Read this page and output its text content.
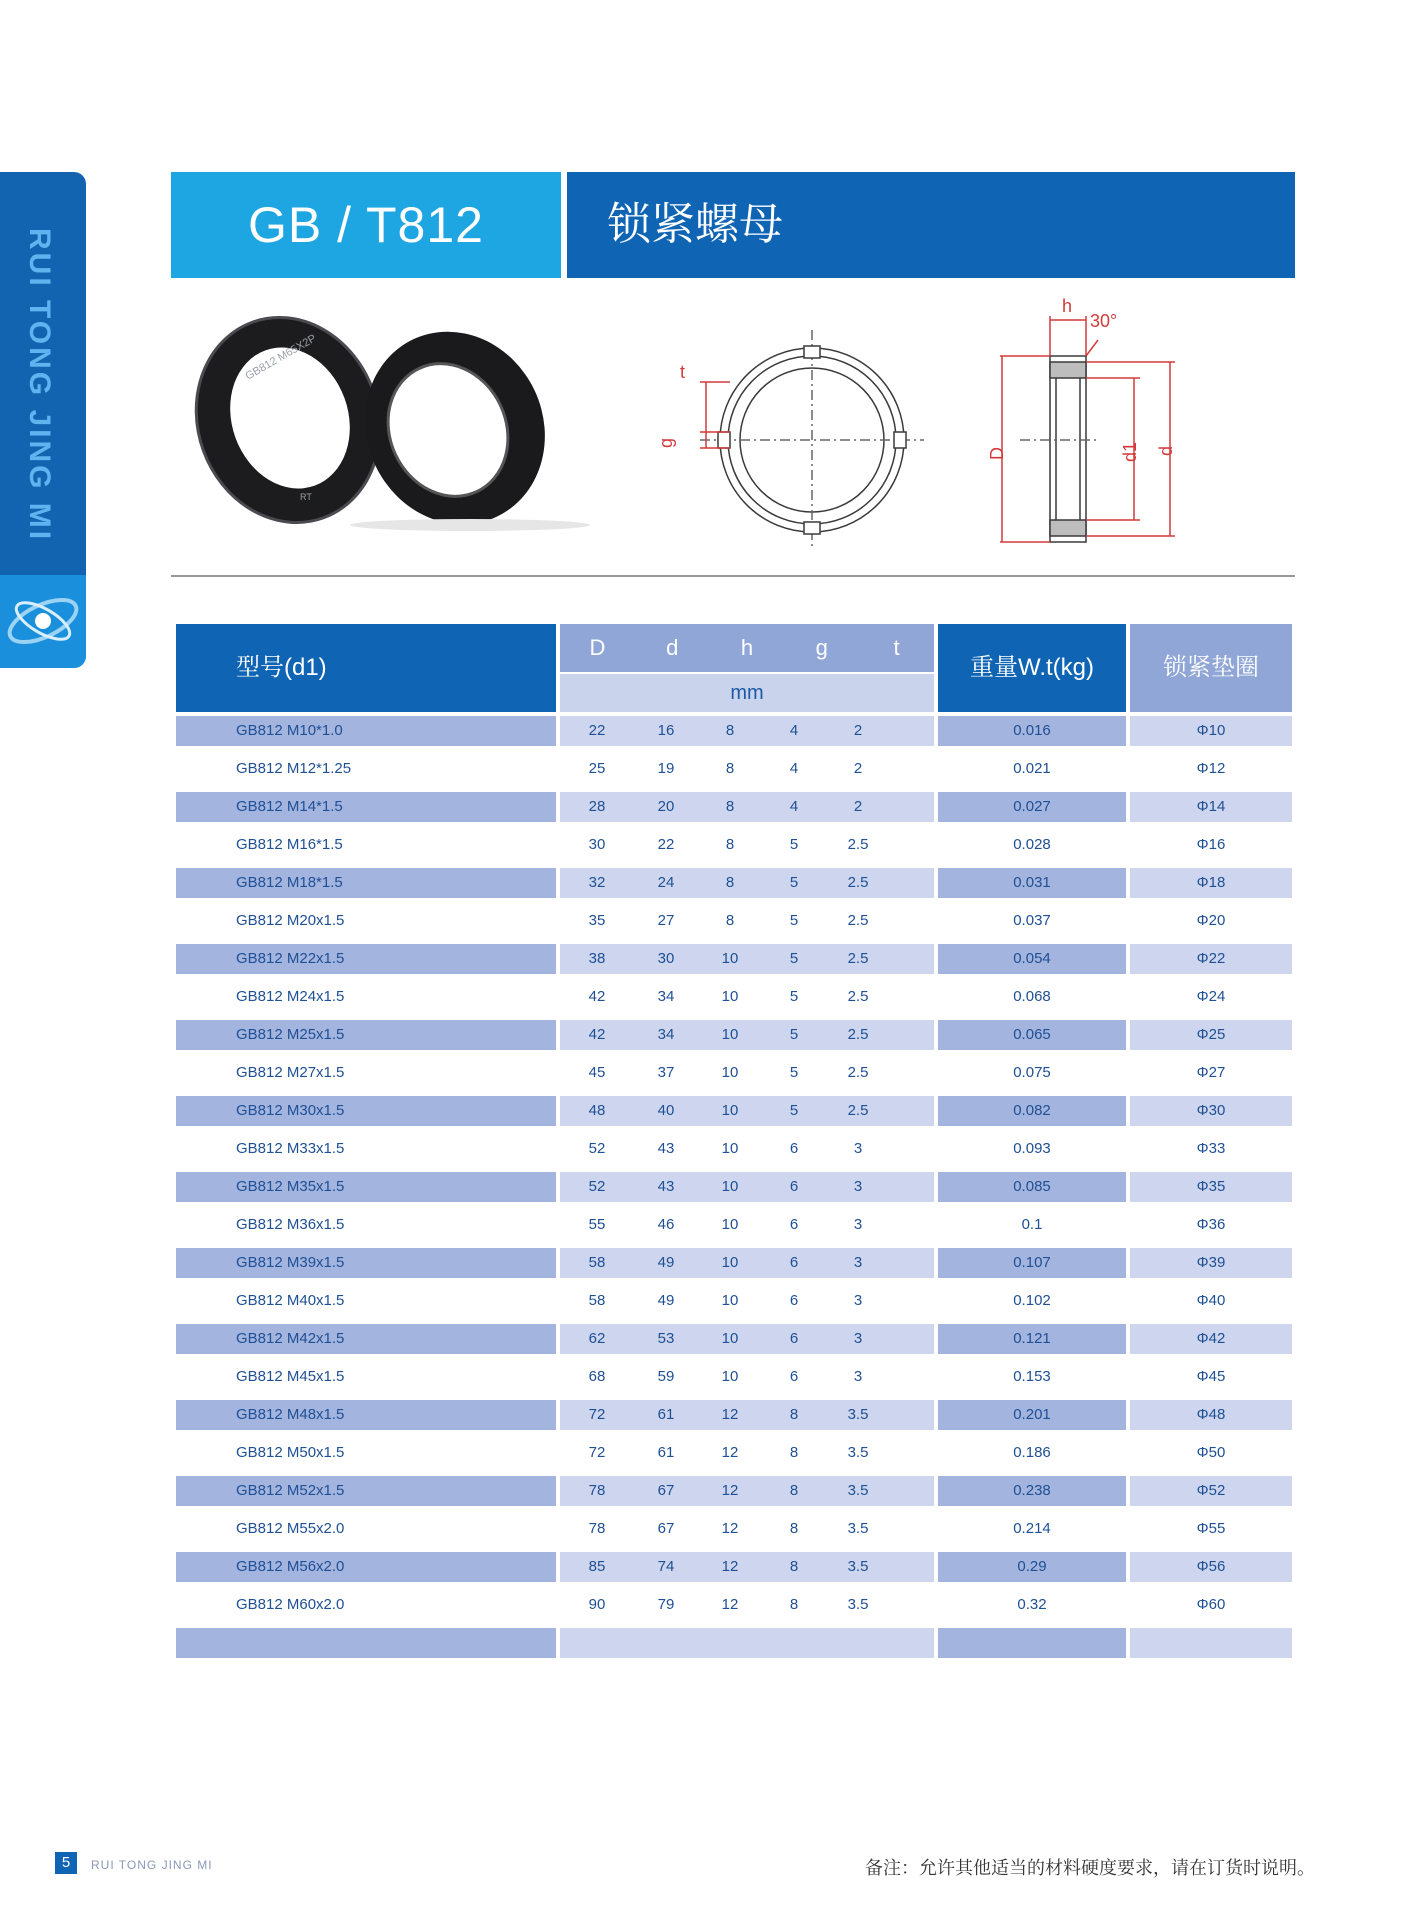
RUI TONG JING MI
GB / T812	锁紧螺母
GB812 M65X2P
RT
t
g
h
30°
D	d1 d
型号(d1)
D	d	h	g	t
mm
重量W.t(kg)	锁紧垫圈
GB812 M10*1.0	22	16	8	4	2	0.016	Φ10
GB812 M12*1.25	25	19	8	4	2	0.021	Φ12
GB812 M14*1.5	28	20	8	4	2	0.027	Φ14
GB812 M16*1.5	30	22	8	5	2.5	0.028	Φ16
GB812 M18*1.5	32	24	8	5	2.5	0.031	Φ18
GB812 M20x1.5	35	27	8	5	2.5	0.037	Φ20
GB812 M22x1.5	38	30	10	5	2.5	0.054	Φ22
GB812 M24x1.5	42	34	10	5	2.5	0.068	Φ24
GB812 M25x1.5	42	34	10	5	2.5	0.065	Φ25
GB812 M27x1.5	45	37	10	5	2.5	0.075	Φ27
GB812 M30x1.5	48	40	10	5	2.5	0.082	Φ30
GB812 M33x1.5	52	43	10	6	3	0.093	Φ33
GB812 M35x1.5	52	43	10	6	3	0.085	Φ35
GB812 M36x1.5	55	46	10	6	3	0.1	Φ36
GB812 M39x1.5	58	49	10	6	3	0.107	Φ39
GB812 M40x1.5	58	49	10	6	3	0.102	Φ40
GB812 M42x1.5	62	53	10	6	3	0.121	Φ42
GB812 M45x1.5	68	59	10	6	3	0.153	Φ45
GB812 M48x1.5	72	61	12	8	3.5	0.201	Φ48
GB812 M50x1.5	72	61	12	8	3.5	0.186	Φ50
GB812 M52x1.5	78	67	12	8	3.5	0.238	Φ52
GB812 M55x2.0	78	67	12	8	3.5	0.214	Φ55
GB812 M56x2.0	85	74	12	8	3.5	0.29	Φ56
GB812 M60x2.0	90	79	12	8	3.5	0.32	Φ60
5	RUI TONG JING MI	备注：允许其他适当的材料硬度要求，请在订货时说明。
